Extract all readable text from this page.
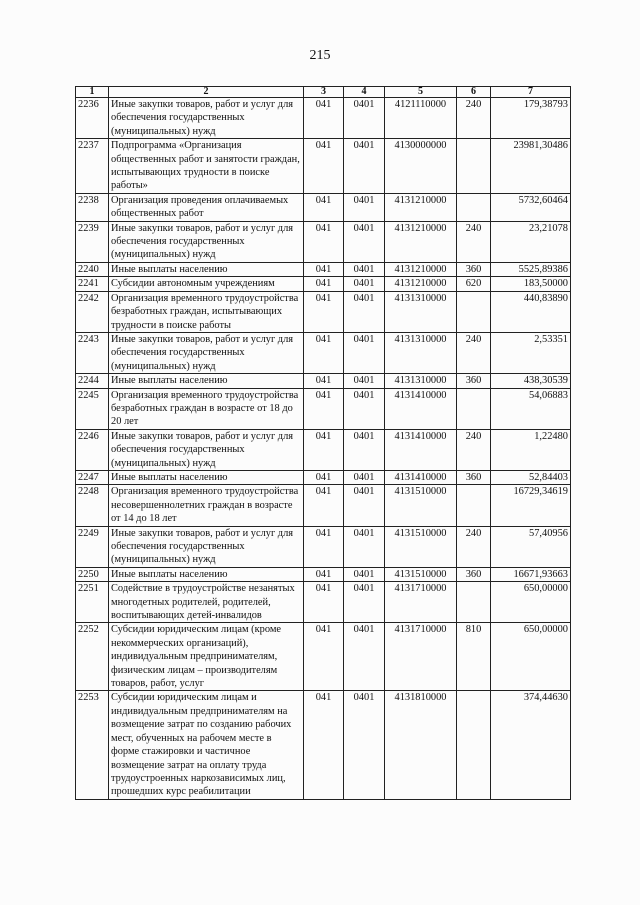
215
1	2	3	4	5	6	7
2236	Иные закупки товаров, работ и услуг для обеспечения государственных (муниципальных) нужд	041	0401	4121110000	240	179,38793
2237	Подпрограмма «Организация общественных работ и занятости граждан, испытывающих трудности в поиске работы»	041	0401	4130000000		23981,30486
2238	Организация проведения оплачиваемых общественных работ	041	0401	4131210000		5732,60464
2239	Иные закупки товаров, работ и услуг для обеспечения государственных (муниципальных) нужд	041	0401	4131210000	240	23,21078
2240	Иные выплаты населению	041	0401	4131210000	360	5525,89386
2241	Субсидии автономным учреждениям	041	0401	4131210000	620	183,50000
2242	Организация временного трудоустройства безработных граждан, испытывающих трудности в поиске работы	041	0401	4131310000		440,83890
2243	Иные закупки товаров, работ и услуг для обеспечения государственных (муниципальных) нужд	041	0401	4131310000	240	2,53351
2244	Иные выплаты населению	041	0401	4131310000	360	438,30539
2245	Организация временного трудоустройства безработных граждан в возрасте от 18 до 20 лет	041	0401	4131410000		54,06883
2246	Иные закупки товаров, работ и услуг для обеспечения государственных (муниципальных) нужд	041	0401	4131410000	240	1,22480
2247	Иные выплаты населению	041	0401	4131410000	360	52,84403
2248	Организация временного трудоустройства несовершеннолетних граждан в возрасте от 14 до 18 лет	041	0401	4131510000		16729,34619
2249	Иные закупки товаров, работ и услуг для обеспечения государственных (муниципальных) нужд	041	0401	4131510000	240	57,40956
2250	Иные выплаты населению	041	0401	4131510000	360	16671,93663
2251	Содействие в трудоустройстве незанятых многодетных родителей, родителей, воспитывающих детей-инвалидов	041	0401	4131710000		650,00000
2252	Субсидии юридическим лицам (кроме некоммерческих организаций), индивидуальным предпринимателям, физическим лицам – производителям товаров, работ, услуг	041	0401	4131710000	810	650,00000
2253	Субсидии юридическим лицам и индивидуальным предпринимателям на возмещение затрат по созданию рабочих мест, обученных на рабочем месте в форме стажировки и частичное возмещение затрат на оплату труда трудоустроенных наркозависимых лиц, прошедших курс реабилитации	041	0401	4131810000		374,44630
